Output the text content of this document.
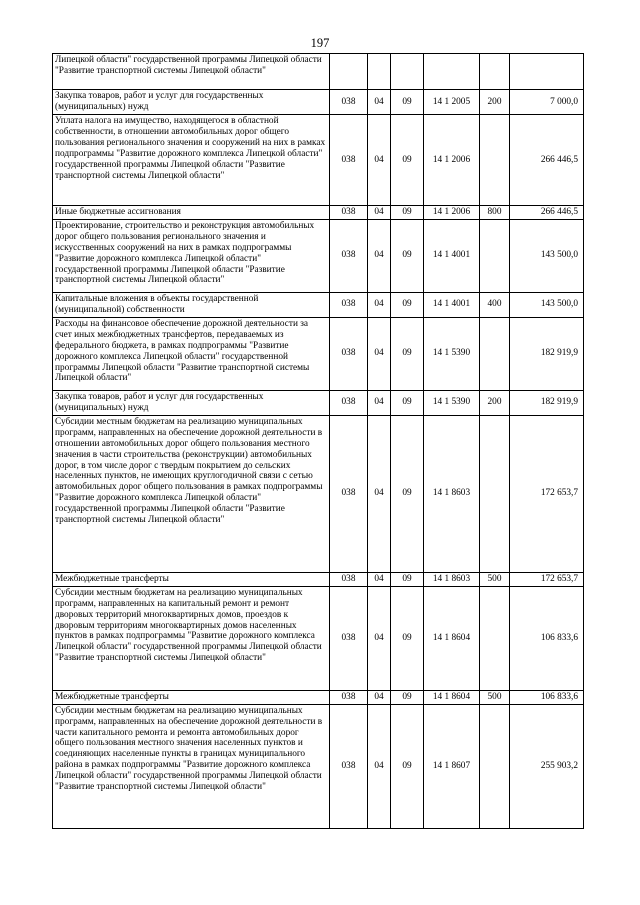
197
Липецкой области" государственной программы Липецкой области "Развитие транспортной системы Липецкой области"						
Закупка товаров, работ и услуг для государственных (муниципальных) нужд	038	04	09	14 1 2005	200	7 000,0
Уплата налога на имущество, находящегося в областной собственности, в отношении автомобильных дорог общего пользования регионального значения и сооружений на них в рамках подпрограммы "Развитие дорожного комплекса Липецкой области" государственной программы Липецкой области "Развитие транспортной системы Липецкой области"	038	04	09	14 1 2006		266 446,5
Иные бюджетные ассигнования	038	04	09	14 1 2006	800	266 446,5
Проектирование, строительство и реконструкция автомобильных дорог общего пользования регионального значения и искусственных сооружений на них в рамках подпрограммы "Развитие дорожного комплекса Липецкой области" государственной программы Липецкой области "Развитие транспортной системы Липецкой области"	038	04	09	14 1 4001		143 500,0
Капитальные вложения в объекты государственной (муниципальной) собственности	038	04	09	14 1 4001	400	143 500,0
Расходы на финансовое обеспечение дорожной деятельности за счет иных межбюджетных трансфертов, передаваемых из федерального бюджета, в рамках подпрограммы "Развитие дорожного комплекса Липецкой области" государственной программы Липецкой области "Развитие транспортной системы Липецкой области"	038	04	09	14 1 5390		182 919,9
Закупка товаров, работ и услуг для государственных (муниципальных) нужд	038	04	09	14 1 5390	200	182 919,9
Субсидии местным бюджетам на реализацию муниципальных программ, направленных на обеспечение дорожной деятельности в отношении автомобильных дорог общего пользования местного значения в части строительства (реконструкции) автомобильных дорог, в том числе дорог с твердым покрытием до сельских населенных пунктов, не имеющих круглогодичной связи с сетью автомобильных дорог общего пользования в рамках подпрограммы "Развитие дорожного комплекса Липецкой области" государственной программы Липецкой области "Развитие транспортной системы Липецкой области"	038	04	09	14 1 8603		172 653,7
Межбюджетные трансферты	038	04	09	14 1 8603	500	172 653,7
Субсидии местным бюджетам на реализацию муниципальных программ, направленных на капитальный ремонт и ремонт дворовых территорий многоквартирных домов, проездов к дворовым территориям многоквартирных домов населенных пунктов в рамках подпрограммы "Развитие дорожного комплекса Липецкой области" государственной программы Липецкой области "Развитие транспортной системы Липецкой области"	038	04	09	14 1 8604		106 833,6
Межбюджетные трансферты	038	04	09	14 1 8604	500	106 833,6
Субсидии местным бюджетам на реализацию муниципальных программ, направленных на обеспечение дорожной деятельности в части капитального ремонта и ремонта автомобильных дорог общего пользования местного значения населенных пунктов и соединяющих населенные пункты в границах муниципального района в рамках подпрограммы "Развитие дорожного комплекса Липецкой области" государственной программы Липецкой области "Развитие транспортной системы Липецкой области"	038	04	09	14 1 8607		255 903,2
